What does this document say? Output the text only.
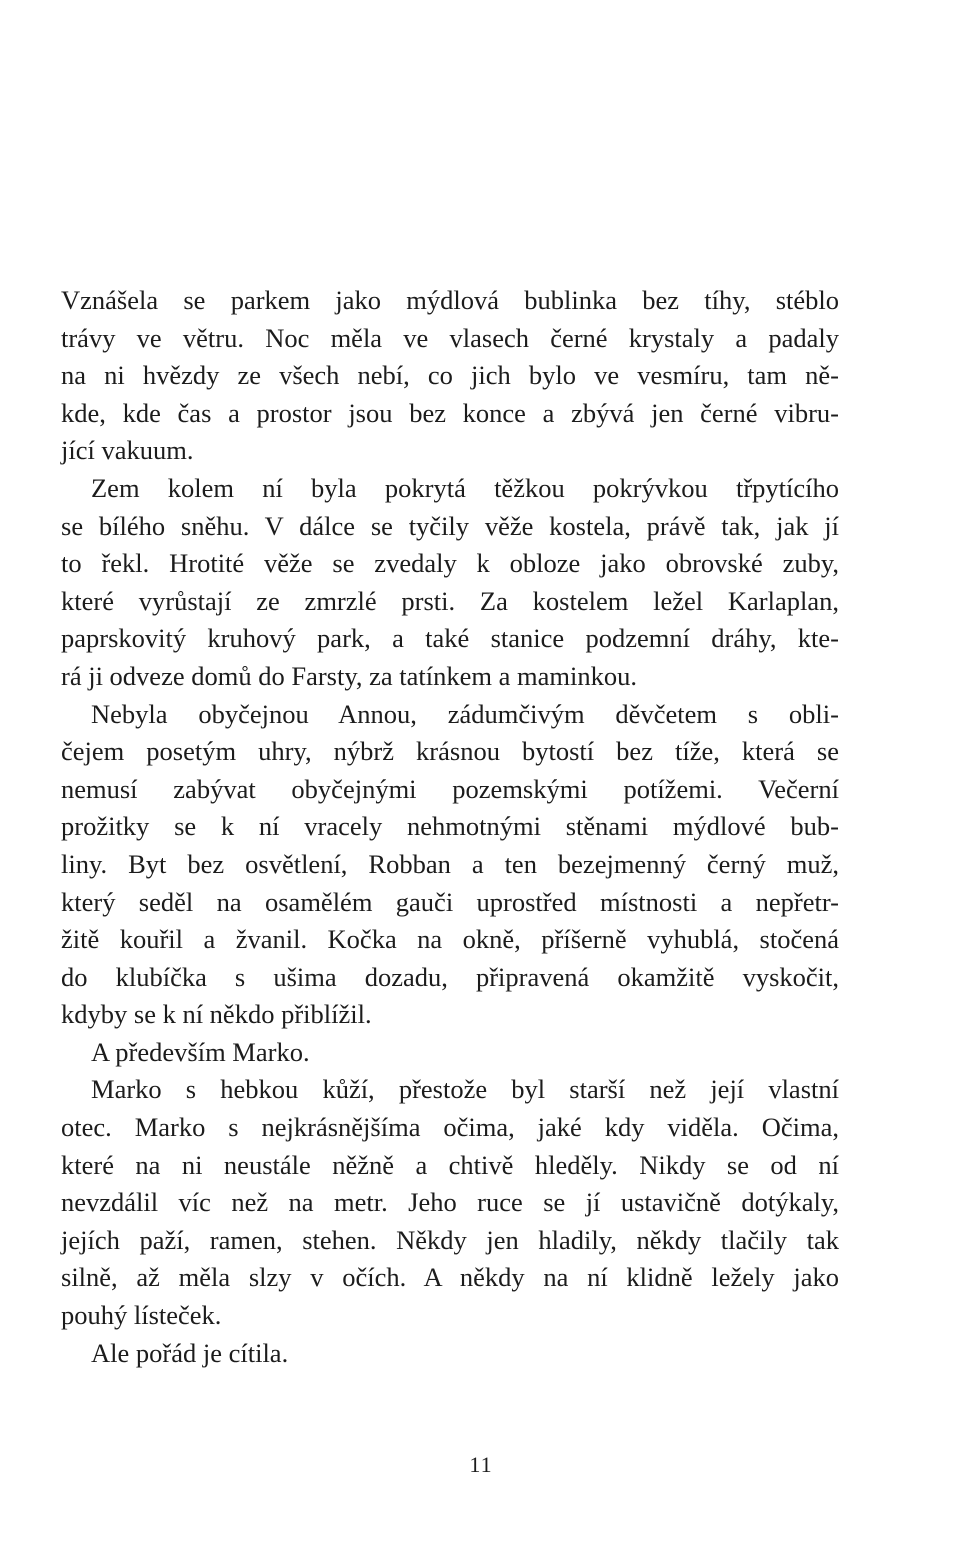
Vznášela se parkem jako mýdlová bublinka bez tíhy, stéblo
trávy ve větru. Noc měla ve vlasech černé krystaly a padaly
na ni hvězdy ze všech nebí, co jich bylo ve vesmíru, tam ně-
kde, kde čas a prostor jsou bez konce a zbývá jen černé vibru-
jící vakuum.
Zem kolem ní byla pokrytá těžkou pokrývkou třpytícího
se bílého sněhu. V dálce se tyčily věže kostela, právě tak, jak jí
to řekl. Hrotité věže se zvedaly k obloze jako obrovské zuby,
které vyrůstají ze zmrzlé prsti. Za kostelem ležel Karlaplan,
paprskovitý kruhový park, a také stanice podzemní dráhy, kte-
rá ji odveze domů do Farsty, za tatínkem a maminkou.
Nebyla obyčejnou Annou, zádumčivým děvčetem s obli-
čejem posetým uhry, nýbrž krásnou bytostí bez tíže, která se
nemusí zabývat obyčejnými pozemskými potížemi. Večerní
prožitky se k ní vracely nehmotnými stěnami mýdlové bub-
liny. Byt bez osvětlení, Robban a ten bezejmenný černý muž,
který seděl na osamělém gauči uprostřed místnosti a nepřetr-
žitě kouřil a žvanil. Kočka na okně, příšerně vyhublá, stočená
do klubíčka s ušima dozadu, připravená okamžitě vyskočit,
kdyby se k ní někdo přiblížil.
A především Marko.
Marko s hebkou kůží, přestože byl starší než její vlastní
otec. Marko s nejkrásnějšíma očima, jaké kdy viděla. Očima,
které na ni neustále něžně a chtivě hleděly. Nikdy se od ní
nevzdálil víc než na metr. Jeho ruce se jí ustavičně dotýkaly,
jejích paží, ramen, stehen. Někdy jen hladily, někdy tlačily tak
silně, až měla slzy v očích. A někdy na ní klidně ležely jako
pouhý lísteček.
Ale pořád je cítila.
11
